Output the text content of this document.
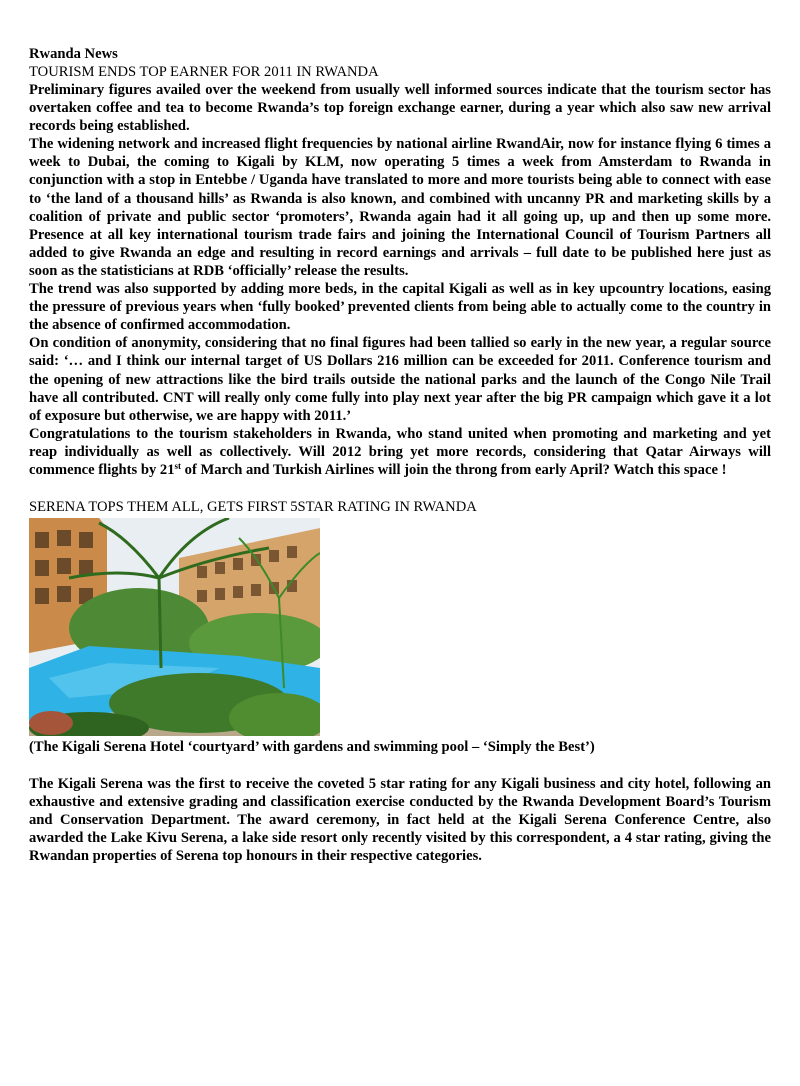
Rwanda News
TOURISM ENDS TOP EARNER FOR 2011 IN RWANDA

Preliminary figures availed over the weekend from usually well informed sources indicate that the tourism sector has overtaken coffee and tea to become Rwanda’s top foreign exchange earner, during a year which also saw new arrival records being established.

The widening network and increased flight frequencies by national airline RwandAir, now for instance flying 6 times a week to Dubai, the coming to Kigali by KLM, now operating 5 times a week from Amsterdam to Rwanda in conjunction with a stop in Entebbe / Uganda have translated to more and more tourists being able to connect with ease to ‘the land of a thousand hills’ as Rwanda is also known, and combined with uncanny PR and marketing skills by a coalition of private and public sector ‘promoters’, Rwanda again had it all going up, up and then up some more. Presence at all key international tourism trade fairs and joining the International Council of Tourism Partners all added to give Rwanda an edge and resulting in record earnings and arrivals – full date to be published here just as soon as the statisticians at RDB ‘officially’ release the results.

The trend was also supported by adding more beds, in the capital Kigali as well as in key upcountry locations, easing the pressure of previous years when ‘fully booked’ prevented clients from being able to actually come to the country in the absence of confirmed accommodation.

On condition of anonymity, considering that no final figures had been tallied so early in the new year, a regular source said: ‘… and I think our internal target of US Dollars 216 million can be exceeded for 2011. Conference tourism and the opening of new attractions like the bird trails outside the national parks and the launch of the Congo Nile Trail have all contributed. CNT will really only come fully into play next year after the big PR campaign which gave it a lot of exposure but otherwise, we are happy with 2011.’

Congratulations to the tourism stakeholders in Rwanda, who stand united when promoting and marketing and yet reap individually as well as collectively. Will 2012 bring yet more records, considering that Qatar Airways will commence flights by 21st of March and Turkish Airlines will join the throng from early April? Watch this space !

SERENA TOPS THEM ALL, GETS FIRST 5STAR RATING IN RWANDA
(The Kigali Serena Hotel ‘courtyard’ with gardens and swimming pool – ‘Simply the Best’)

The Kigali Serena was the first to receive the coveted 5 star rating for any Kigali business and city hotel, following an exhaustive and extensive grading and classification exercise conducted by the Rwanda Development Board’s Tourism and Conservation Department. The award ceremony, in fact held at the Kigali Serena Conference Centre, also awarded the Lake Kivu Serena, a lake side resort only recently visited by this correspondent, a 4 star rating, giving the Rwandan properties of Serena top honours in their respective categories.
